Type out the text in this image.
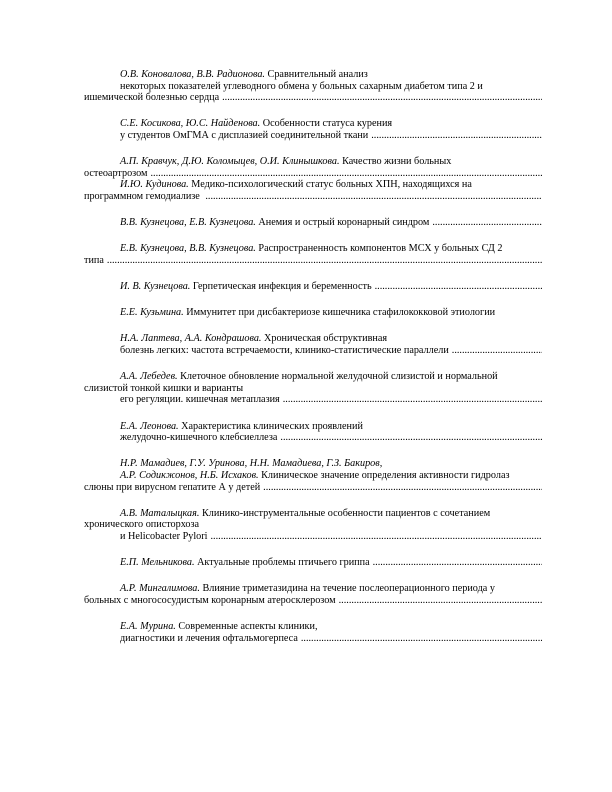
О.В. Коновалова, В.В. Радионова. Сравнительный анализ
некоторых показателей углеводного обмена у больных сахарным диабетом типа 2 и
ишемической болезнью сердца
.....
С.Е. Косикова, Ю.С. Найденова. Особенности статуса курения
у студентов ОмГМА с дисплазией соединительной ткани
.....
А.П. Кравчук, Д.Ю. Коломыцев, О.И. Клинышкова. Качество жизни больных
остеоартрозом
.....
И.Ю. Кудинова. Медико-психологический статус больных ХПН, находящихся на
программном гемодиализе
.....
В.В. Кузнецова, Е.В. Кузнецова. Анемия и острый коронарный синдром
.....
Е.В. Кузнецова, В.В. Кузнецова. Распространенность компонентов МСХ у больных СД 2
типа
.....
И. В. Кузнецова. Герпетическая инфекция и беременность
.....
Е.Е. Кузьмина. Иммунитет при дисбактериозе кишечника стафилококковой этиологии
Н.А. Лаптева, А.А. Кондрашова. Хроническая обструктивная
болезнь легких: частота встречаемости, клинико-статистические параллели
.....
А.А. Лебедев. Клеточное обновление нормальной желудочной слизистой и нормальной
слизистой тонкой кишки и варианты
его регуляции. кишечная метаплазия
.....
Е.А. Леонова. Характеристика клинических проявлений
желудочно-кишечного клебсиеллеза
.....
Н.Р. Мамадиев, Г.У. Уринова, Н.Н. Мамадиева, Г.З. Бакиров,
А.Р. Содикжонов, Н.Б. Исхаков. Клиническое значение определения активности гидролаз
слюны при вирусном гепатите А у детей
.....
А.В. Маталыцкая. Клинико-инструментальные особенности пациентов с сочетанием
хронического описторхоза
и Helicobacter Pylori
.....
Е.П. Мельникова. Актуальные проблемы птичьего гриппа
.....
А.Р. Мингалимова. Влияние триметазидина на течение послеоперационного периода у
больных с многососудистым коронарным атеросклерозом
.....
Е.А. Мурина. Современные аспекты клиники,
диагностики и лечения офтальмогерпеса
.....
